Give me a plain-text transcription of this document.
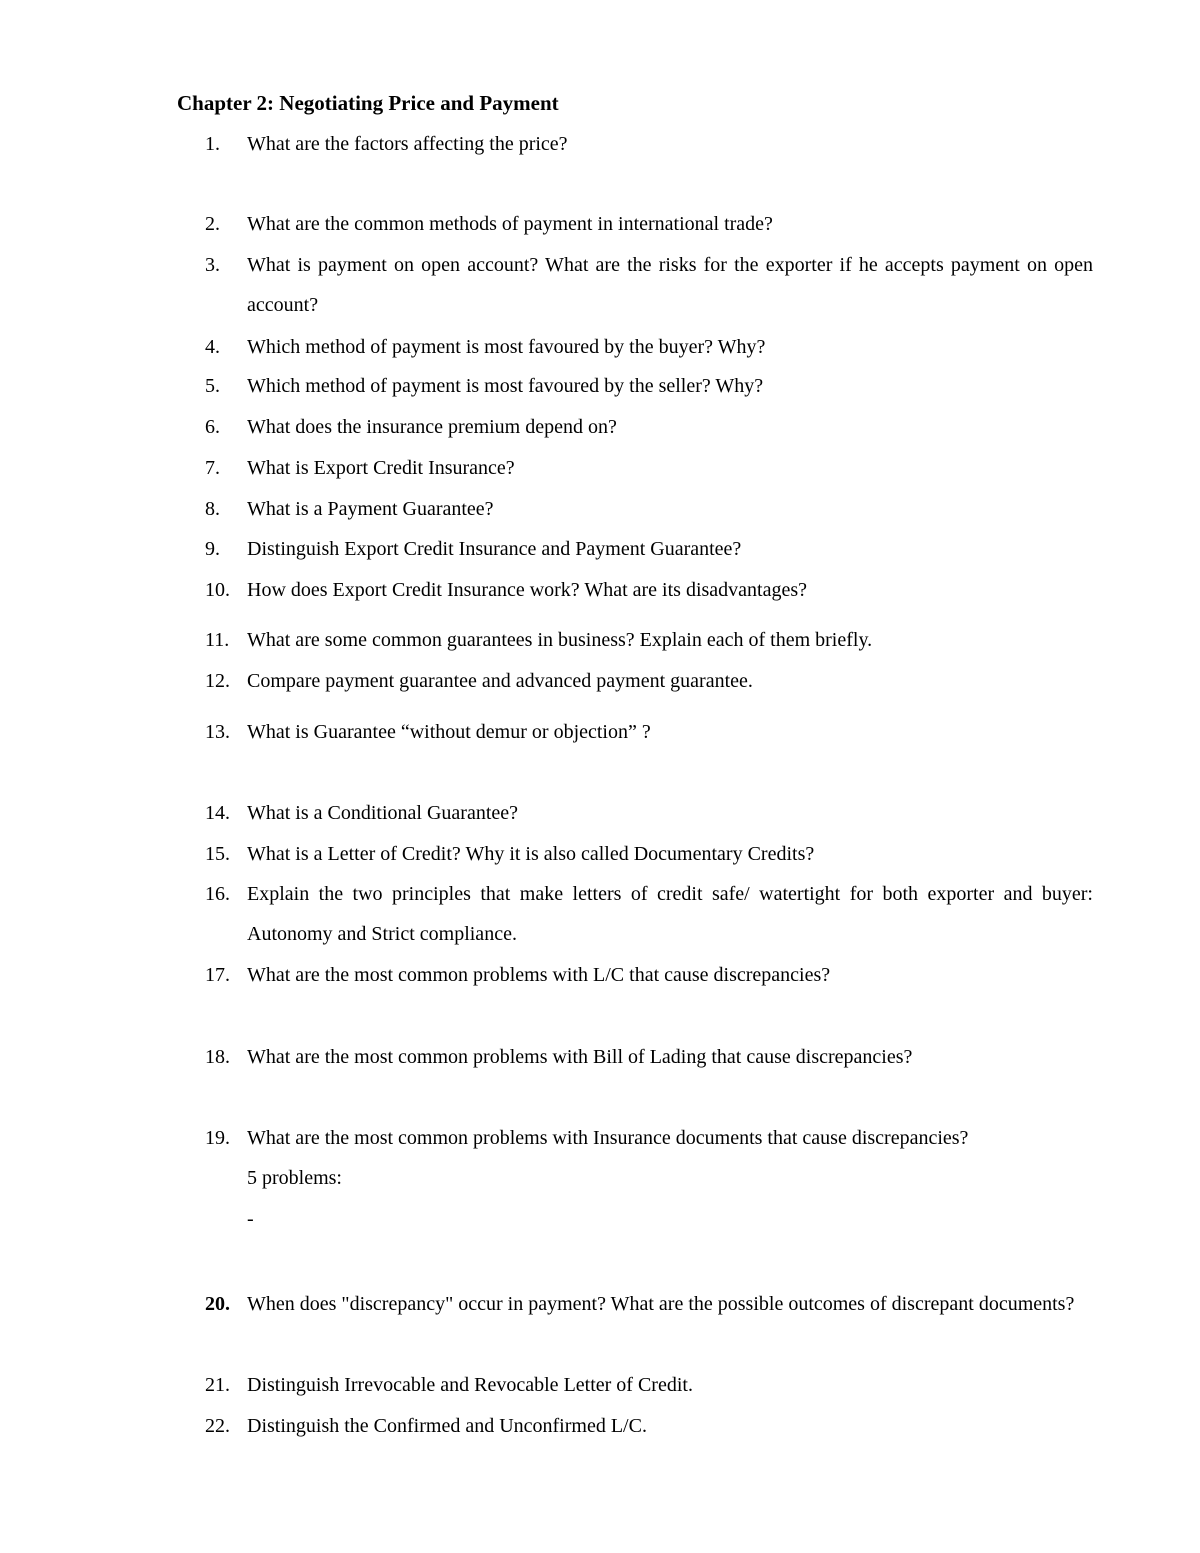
Chapter 2: Negotiating Price and Payment
1.	What are the factors affecting the price?
2.	What are the common methods of payment in international trade?
3.	What is payment on open account? What are the risks for the exporter if he accepts payment on open account?
4.	Which method of payment is most favoured by the buyer? Why?
5.	Which method of payment is most favoured by the seller? Why?
6.	What does the insurance premium depend on?
7.	What is Export Credit Insurance?
8.	What is a Payment Guarantee?
9.	Distinguish Export Credit Insurance and Payment Guarantee?
10. How does Export Credit Insurance work? What are its disadvantages?
11. What are some common guarantees in business? Explain each of them briefly.
12. Compare payment guarantee and advanced payment guarantee.
13. What is Guarantee “without demur or objection” ?
14. What is a Conditional Guarantee?
15. What is a Letter of Credit? Why it is also called Documentary Credits?
16. Explain the two principles that make letters of credit safe/ watertight for both exporter and buyer: Autonomy and Strict compliance.
17. What are the most common problems with L/C that cause discrepancies?
18. What are the most common problems with Bill of Lading that cause discrepancies?
19. What are the most common problems with Insurance documents that cause discrepancies?
5 problems:
-
20. When does "discrepancy" occur in payment? What are the possible outcomes of discrepant documents?
21. Distinguish Irrevocable and Revocable Letter of Credit.
22. Distinguish the Confirmed and Unconfirmed L/C.
